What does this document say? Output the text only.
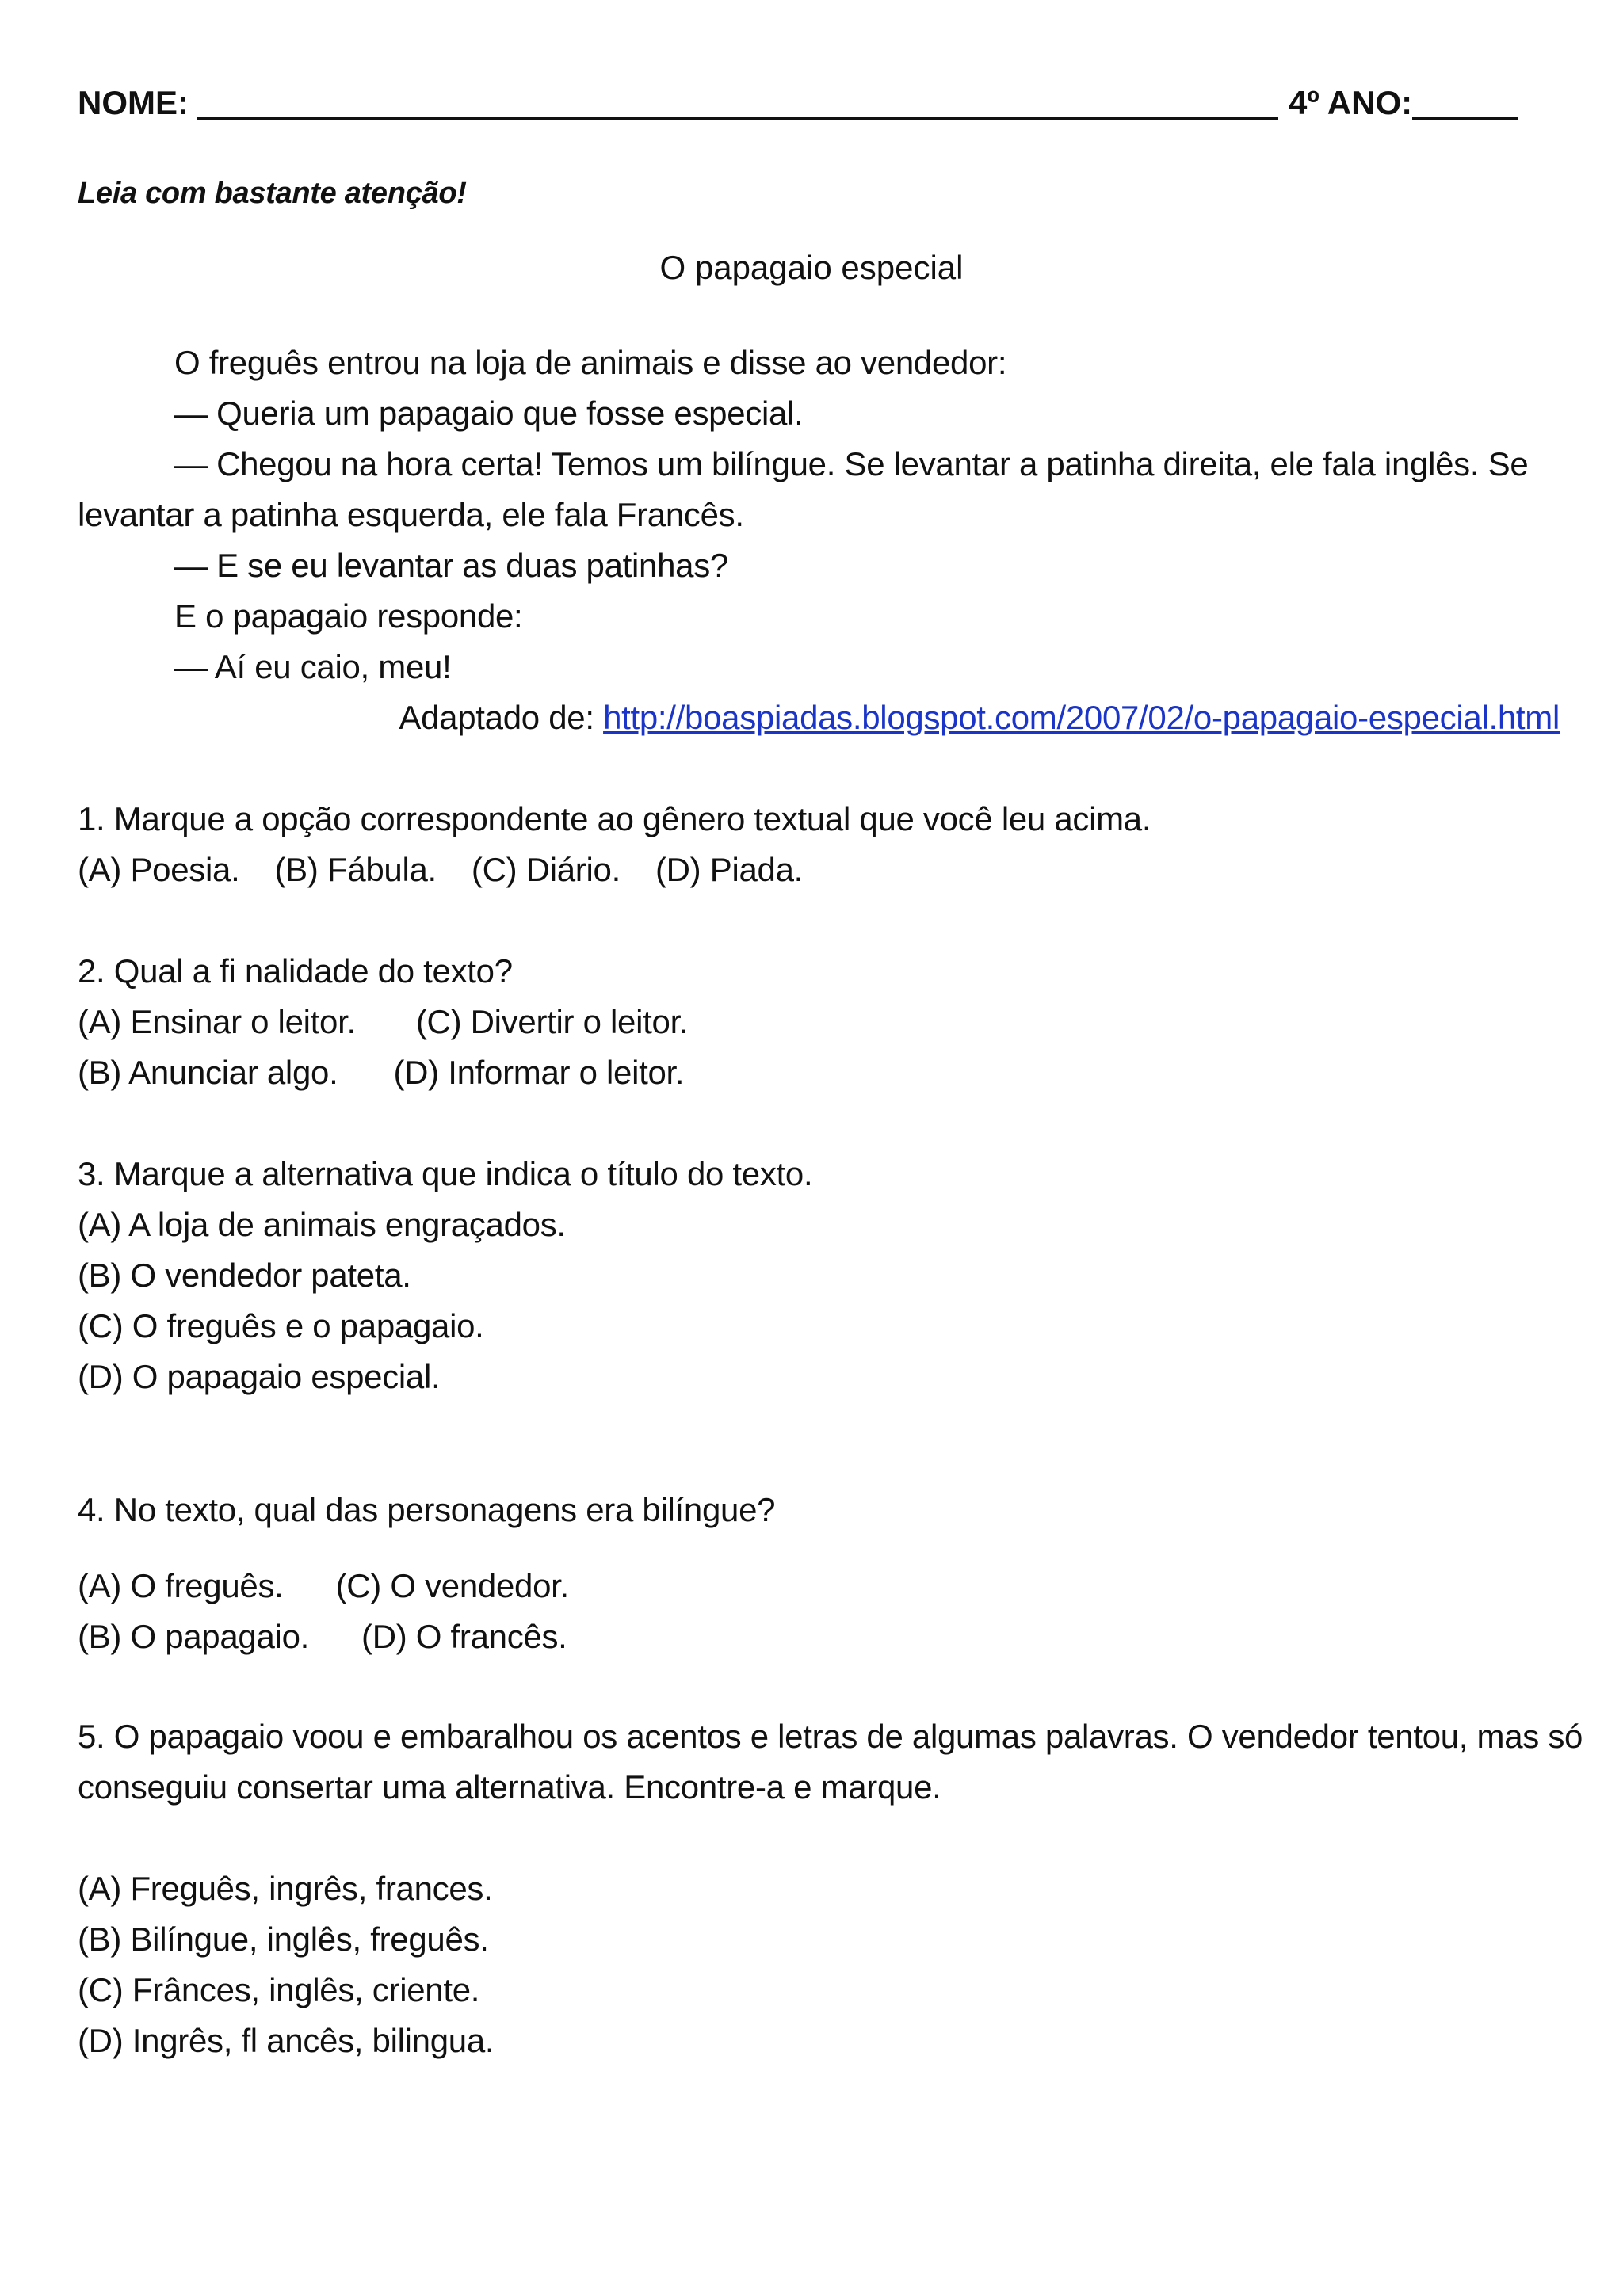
NOME:	4º ANO:
Leia com bastante atenção!
O papagaio especial
O freguês entrou na loja de animais e disse ao vendedor:
— Queria um papagaio que fosse especial.
— Chegou na hora certa! Temos um bilíngue. Se levantar a patinha direita, ele fala inglês. Se
levantar a patinha esquerda, ele fala Francês.
— E se eu levantar as duas patinhas?
E o papagaio responde:
— Aí eu caio, meu!
Adaptado de: http://boaspiadas.blogspot.com/2007/02/o-papagaio-especial.html
1. Marque a opção correspondente ao gênero textual que você leu acima.
(A) Poesia. (B) Fábula. (C) Diário. (D) Piada.
2. Qual a fi nalidade do texto?
(A) Ensinar o leitor. (C) Divertir o leitor.
(B) Anunciar algo. (D) Informar o leitor.
3. Marque a alternativa que indica o título do texto.
(A) A loja de animais engraçados.
(B) O vendedor pateta.
(C) O freguês e o papagaio.
(D) O papagaio especial.
4. No texto, qual das personagens era bilíngue?
(A) O freguês. (C) O vendedor.
(B) O papagaio. (D) O francês.
5. O papagaio voou e embaralhou os acentos e letras de algumas palavras. O vendedor tentou, mas só
conseguiu consertar uma alternativa. Encontre-a e marque.
(A) Freguês, ingrês, frances.
(B) Bilíngue, inglês, freguês.
(C) Frânces, inglês, criente.
(D) Ingrês, fl ancês, bilingua.
